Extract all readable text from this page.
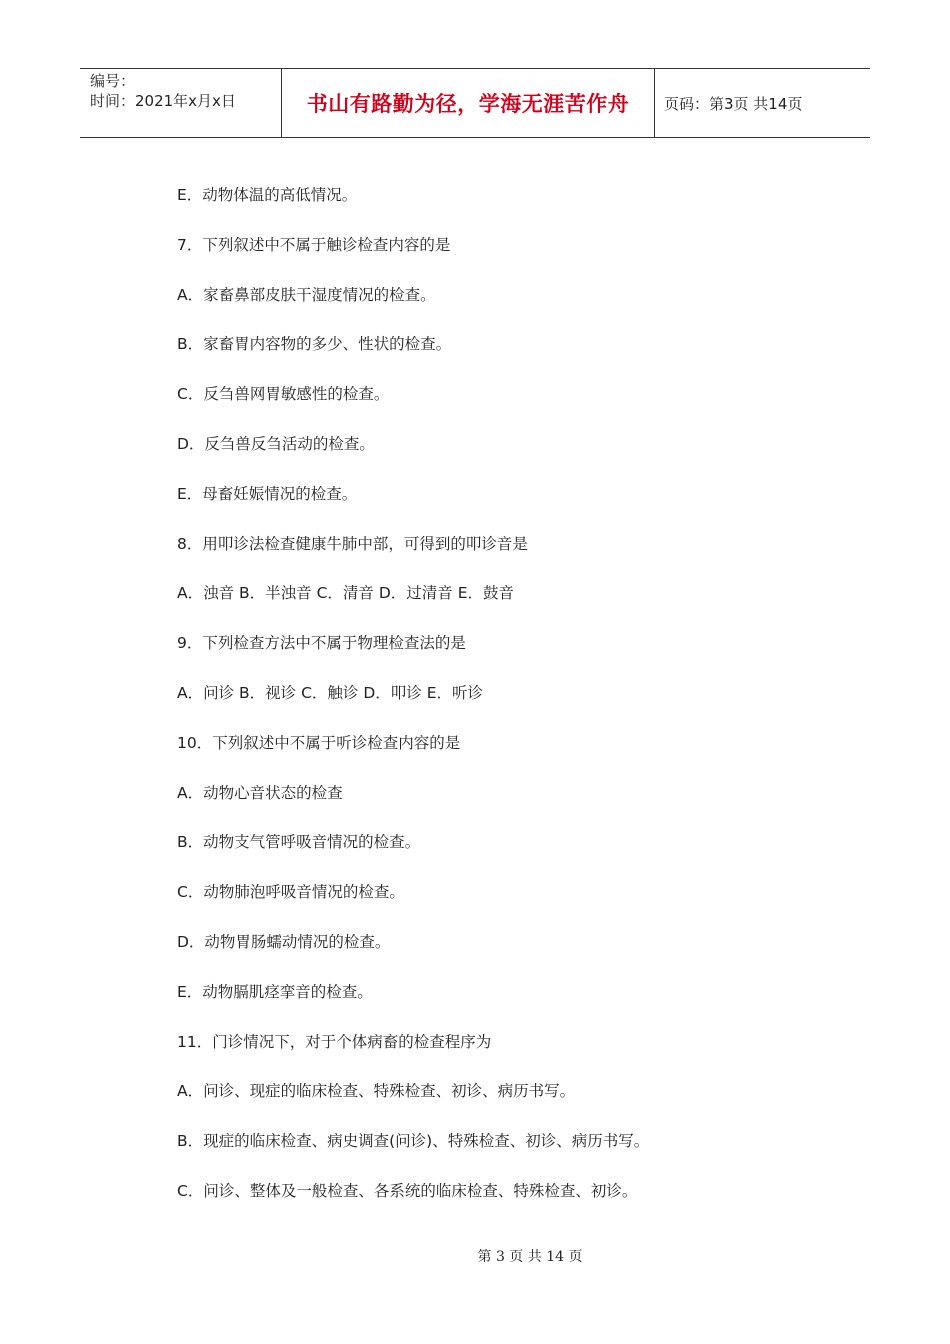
编号：
时间：2021年x月x日	书山有路勤为径，学海无涯苦作舟	页码：第3页 共14页
E．动物体温的高低情况。
7．下列叙述中不属于触诊检查内容的是
A．家畜鼻部皮肤干湿度情况的检查。
B．家畜胃内容物的多少、性状的检查。
C．反刍兽网胃敏感性的检查。
D．反刍兽反刍活动的检查。
E．母畜妊娠情况的检查。
8．用叩诊法检查健康牛肺中部，可得到的叩诊音是
A．浊音 B．半浊音 C．清音 D．过清音 E．鼓音
9．下列检查方法中不属于物理检查法的是
A．问诊 B．视诊 C．触诊 D．叩诊 E．听诊
10．下列叙述中不属于听诊检查内容的是
A．动物心音状态的检查
B．动物支气管呼吸音情况的检查。
C．动物肺泡呼吸音情况的检查。
D．动物胃肠蠕动情况的检查。
E．动物膈肌痉挛音的检查。
11．门诊情况下，对于个体病畜的检查程序为
A．问诊、现症的临床检查、特殊检查、初诊、病历书写。
B．现症的临床检查、病史调查(问诊)、特殊检查、初诊、病历书写。
C．问诊、整体及一般检查、各系统的临床检查、特殊检查、初诊。
第 3 页 共 14 页
